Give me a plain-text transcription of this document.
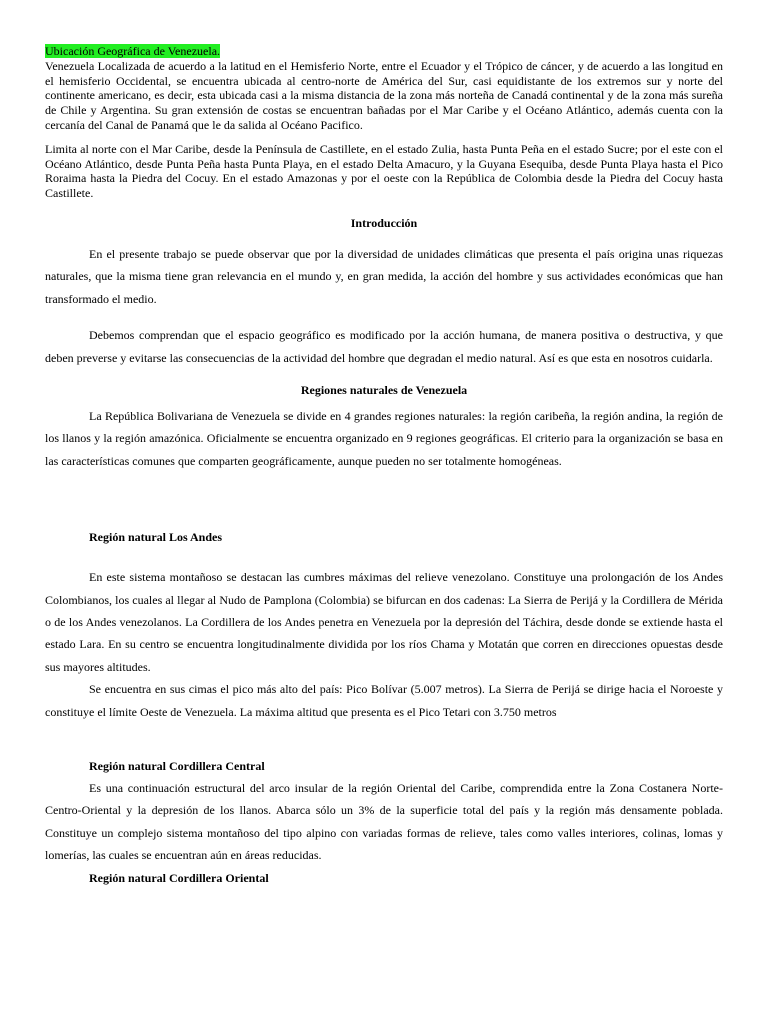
Ubicación Geográfica de Venezuela.
Venezuela Localizada de acuerdo a la latitud en el Hemisferio Norte, entre el Ecuador y el Trópico de cáncer, y de acuerdo a las longitud en el hemisferio Occidental, se encuentra ubicada al centro-norte de América del Sur, casi equidistante de los extremos sur y norte del continente americano, es decir, esta ubicada casi a la misma distancia de la zona más norteña de Canadá continental y de la zona más sureña de Chile y Argentina. Su gran extensión de costas se encuentran bañadas por el Mar Caribe y el Océano Atlántico, además cuenta con la cercanía del Canal de Panamá que le da salida al Océano Pacifico.

Limita al norte con el Mar Caribe, desde la Península de Castillete, en el estado Zulia, hasta Punta Peña en el estado Sucre; por el este con el Océano Atlántico, desde Punta Peña hasta Punta Playa, en el estado Delta Amacuro, y la Guyana Esequiba, desde Punta Playa hasta el Pico Roraima hasta la Piedra del Cocuy. En el estado Amazonas y por el oeste con la República de Colombia desde la Piedra del Cocuy hasta Castillete.

Introducción

En el presente trabajo se puede observar que por la diversidad de unidades climáticas que presenta el país origina unas riquezas naturales, que la misma tiene gran relevancia en el mundo y, en gran medida, la acción del hombre y sus actividades económicas que han transformado el medio.

Debemos comprendan que el espacio geográfico es modificado por la acción humana, de manera positiva o destructiva, y que deben preverse y evitarse las consecuencias de la actividad del hombre que degradan el medio natural. Así es que esta en nosotros cuidarla.

Regiones naturales de Venezuela

La República Bolivariana de Venezuela se divide en 4 grandes regiones naturales: la región caribeña, la región andina, la región de los llanos y la región amazónica. Oficialmente se encuentra organizado en 9 regiones geográficas. El criterio para la organización se basa en las características comunes que comparten geográficamente, aunque pueden no ser totalmente homogéneas.

Región natural Los Andes

En este sistema montañoso se destacan las cumbres máximas del relieve venezolano. Constituye una prolongación de los Andes Colombianos, los cuales al llegar al Nudo de Pamplona (Colombia) se bifurcan en dos cadenas: La Sierra de Perijá y la Cordillera de Mérida o de los Andes venezolanos. La Cordillera de los Andes penetra en Venezuela por la depresión del Táchira, desde donde se extiende hasta el estado Lara. En su centro se encuentra longitudinalmente dividida por los ríos Chama y Motatán que corren en direcciones opuestas desde sus mayores altitudes.

Se encuentra en sus cimas el pico más alto del país: Pico Bolívar (5.007 metros). La Sierra de Perijá se dirige hacia el Noroeste y constituye el límite Oeste de Venezuela. La máxima altitud que presenta es el Pico Tetari con 3.750 metros

Región natural Cordillera Central

Es una continuación estructural del arco insular de la región Oriental del Caribe, comprendida entre la Zona Costanera Norte-Centro-Oriental y la depresión de los llanos. Abarca sólo un 3% de la superficie total del país y la región más densamente poblada. Constituye un complejo sistema montañoso del tipo alpino con variadas formas de relieve, tales como valles interiores, colinas, lomas y lomerías, las cuales se encuentran aún en áreas reducidas.

Región natural Cordillera Oriental
